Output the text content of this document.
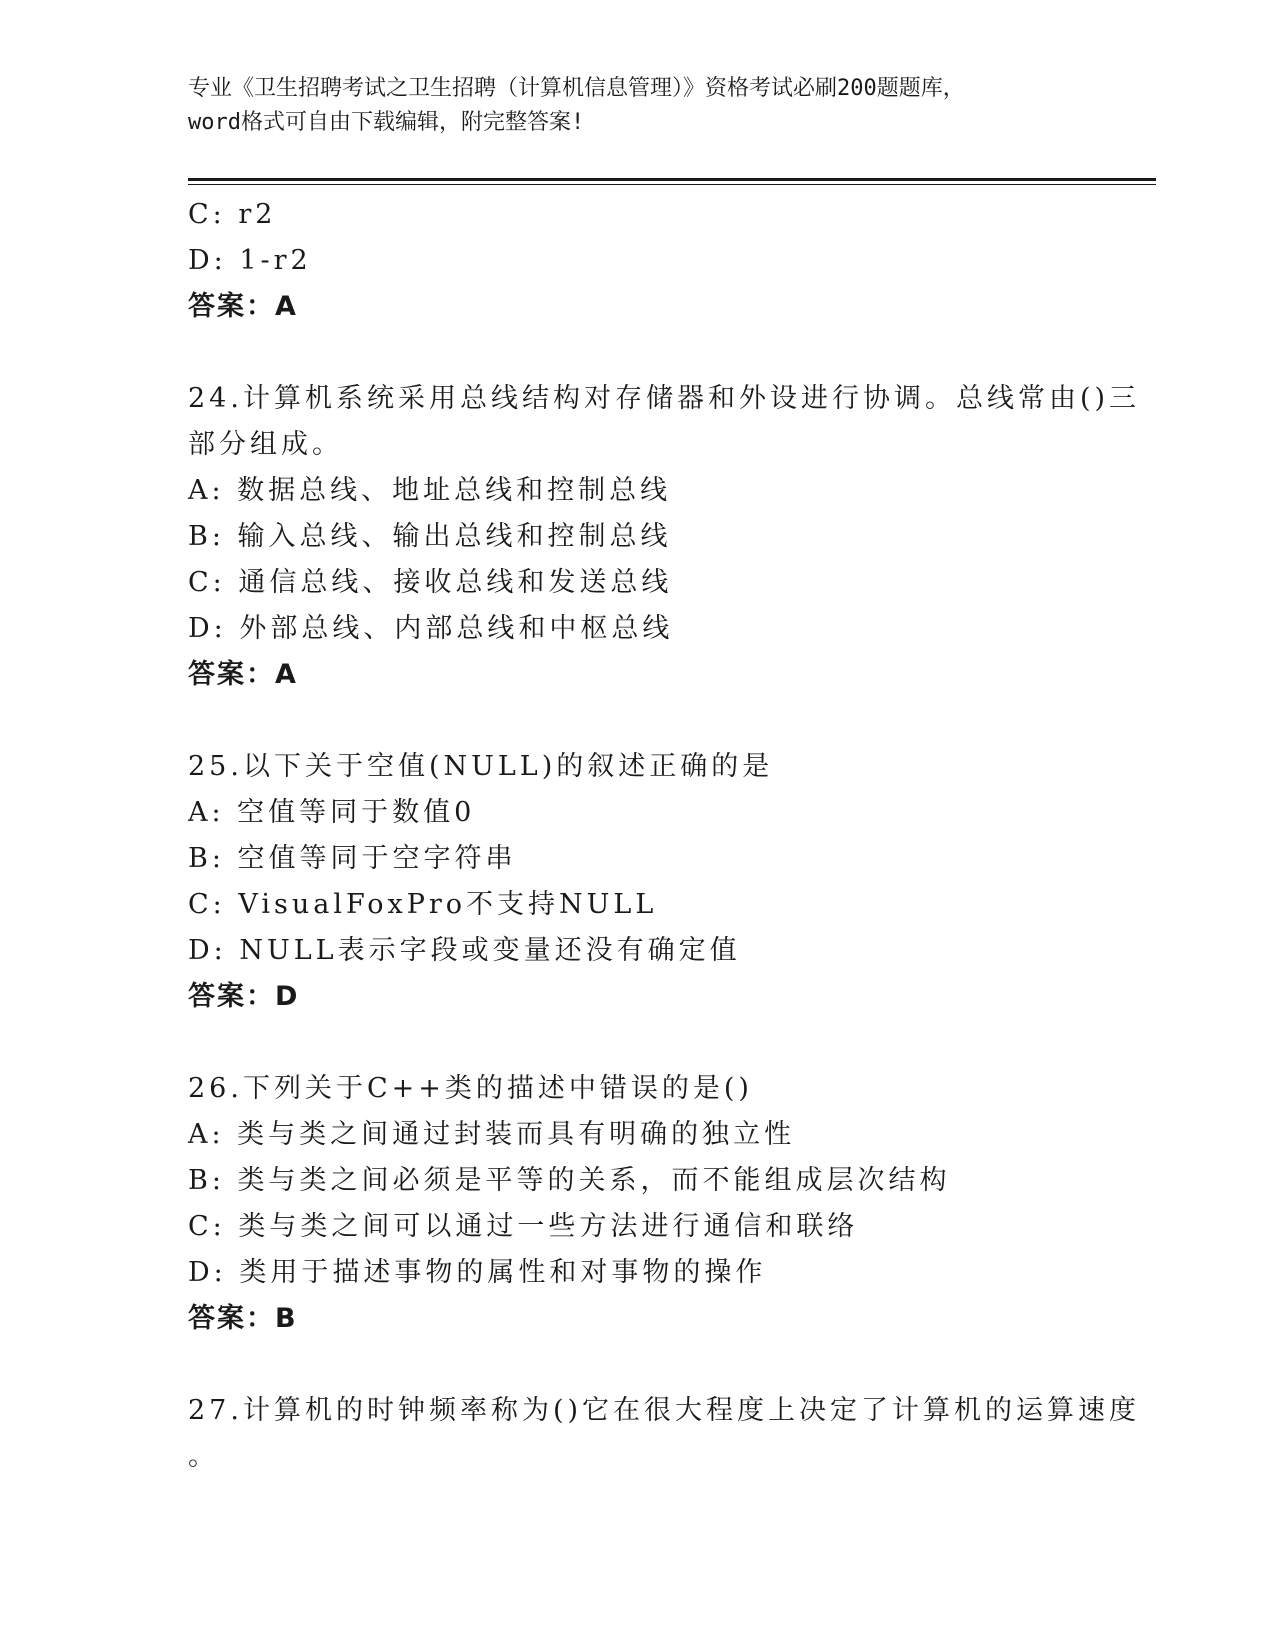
专业《卫生招聘考试之卫生招聘（计算机信息管理）》资格考试必刷200题题库，
word格式可自由下载编辑，附完整答案!
C: r2
D: 1-r2
答案：A
24.计算机系统采用总线结构对存储器和外设进行协调。总线常由()三
部分组成。
A: 数据总线、地址总线和控制总线
B: 输入总线、输出总线和控制总线
C: 通信总线、接收总线和发送总线
D: 外部总线、内部总线和中枢总线
答案：A
25.以下关于空值(NULL)的叙述正确的是
A: 空值等同于数值0
B: 空值等同于空字符串
C: VisualFoxPro不支持NULL
D: NULL表示字段或变量还没有确定值
答案：D
26.下列关于C++类的描述中错误的是()
A: 类与类之间通过封装而具有明确的独立性
B: 类与类之间必须是平等的关系，而不能组成层次结构
C: 类与类之间可以通过一些方法进行通信和联络
D: 类用于描述事物的属性和对事物的操作
答案：B
27.计算机的时钟频率称为()它在很大程度上决定了计算机的运算速度
。
